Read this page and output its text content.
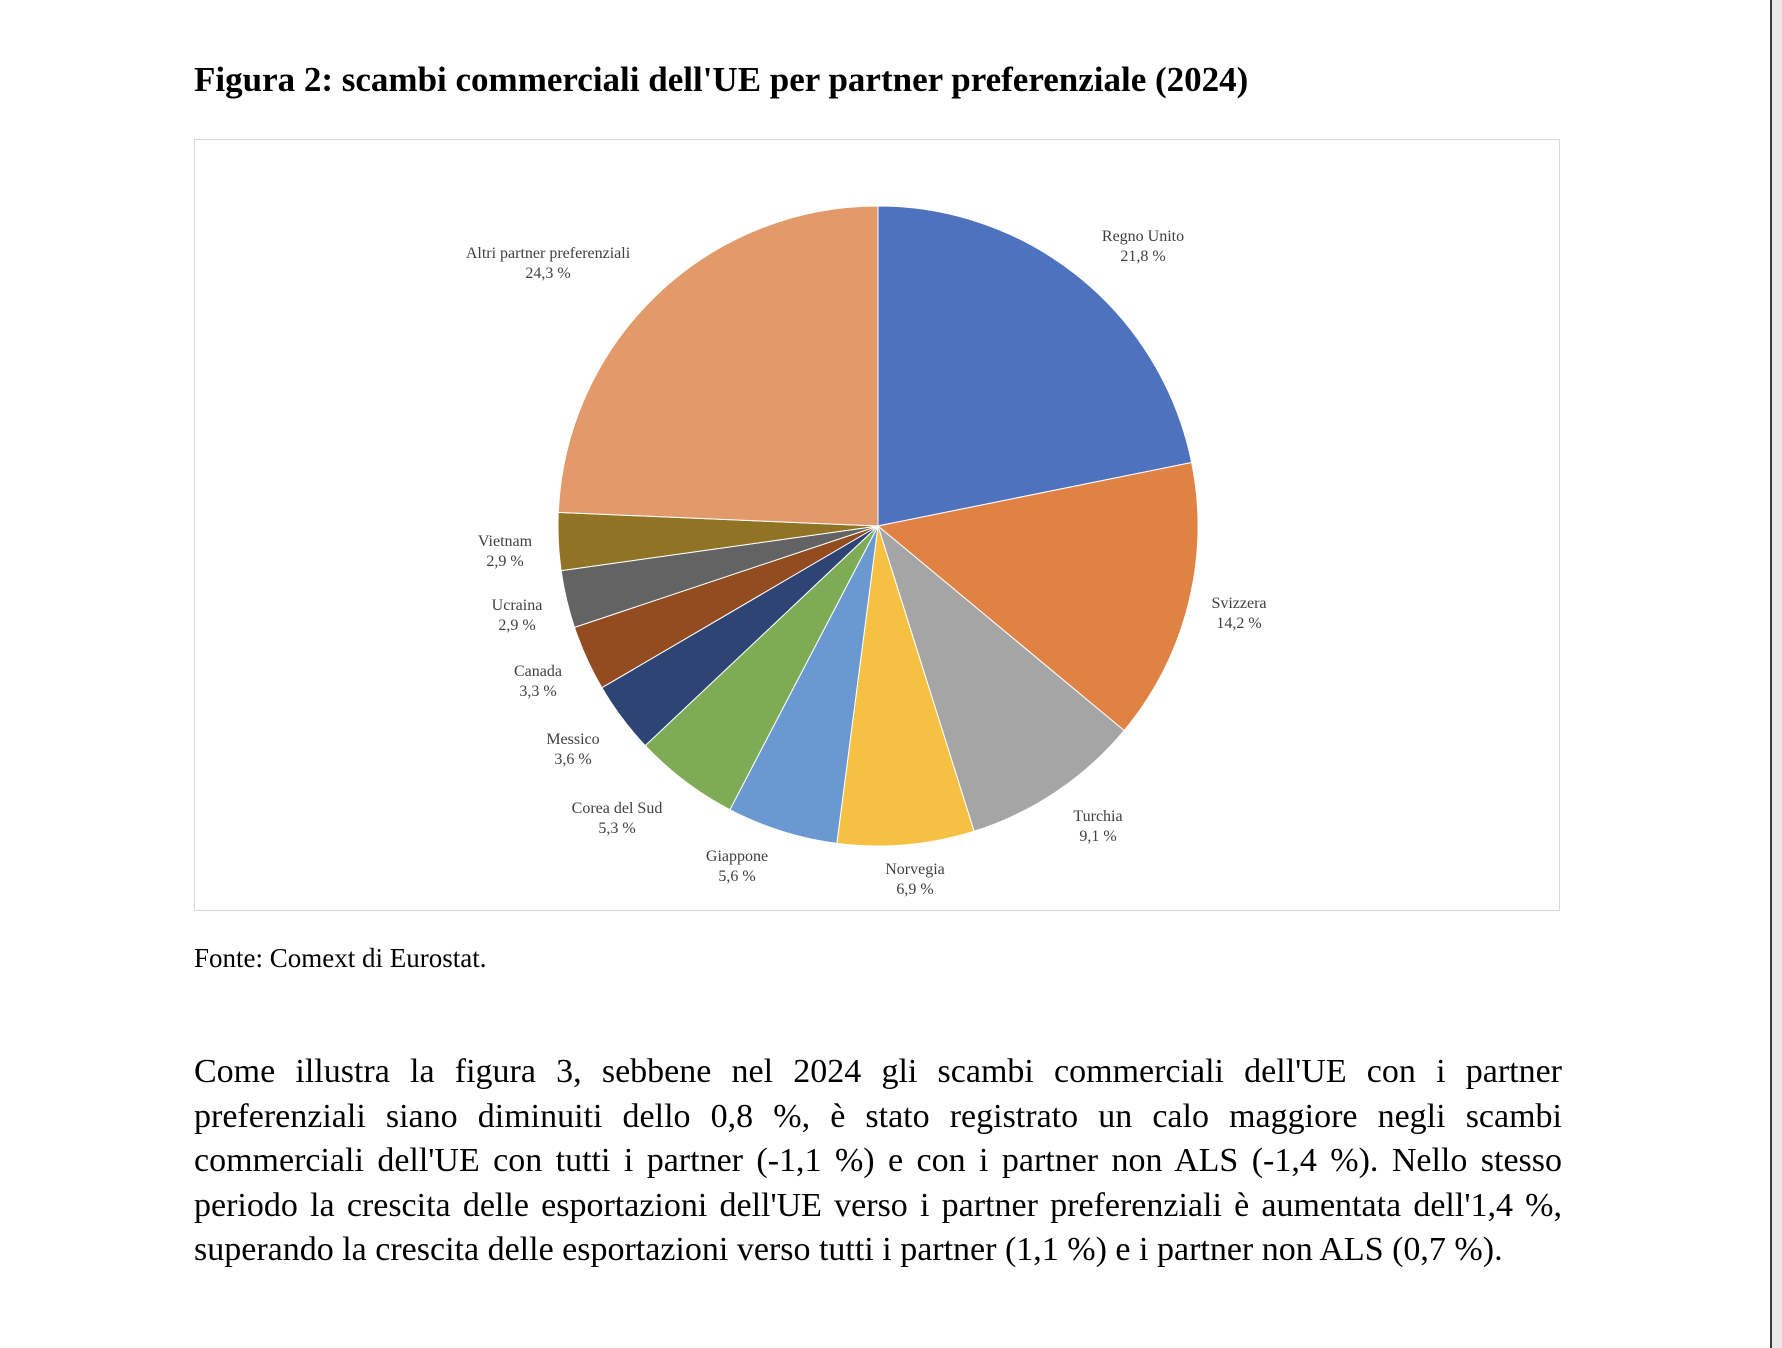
Figura 2: scambi commerciali dell'UE per partner preferenziale (2024)
Regno Unito
21,8 %
Svizzera
14,2 %
Turchia
9,1 %
Norvegia
6,9 %
Giappone
5,6 %
Corea del Sud
5,3 %
Messico
3,6 %
Canada
3,3 %
Ucraina
2,9 %
Vietnam
2,9 %
Altri partner preferenziali
24,3 %

Fonte: Comext di Eurostat.

Come illustra la figura 3, sebbene nel 2024 gli scambi commerciali dell'UE con i partner preferenziali siano diminuiti dello 0,8 %, è stato registrato un calo maggiore negli scambi commerciali dell'UE con tutti i partner (-1,1 %) e con i partner non ALS (-1,4 %). Nello stesso periodo la crescita delle esportazioni dell'UE verso i partner preferenziali è aumentata dell'1,4 %, superando la crescita delle esportazioni verso tutti i partner (1,1 %) e i partner non ALS (0,7 %).
